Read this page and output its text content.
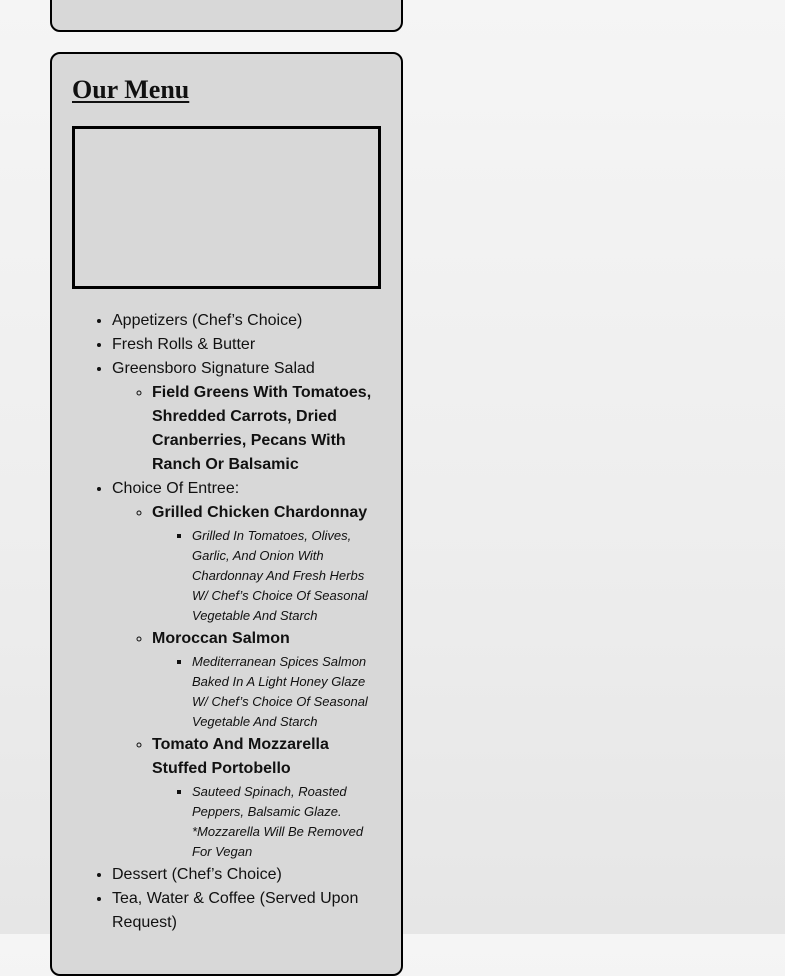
Our Menu
• Appetizers (Chef’s Choice)
• Fresh Rolls & Butter
• Greensboro Signature Salad
◦ Field Greens With Tomatoes, Shredded Carrots, Dried Cranberries, Pecans With Ranch Or Balsamic
• Choice Of Entree:
◦ Grilled Chicken Chardonnay
▪ Grilled In Tomatoes, Olives, Garlic, And Onion With Chardonnay And Fresh Herbs W/ Chef’s Choice Of Seasonal Vegetable And Starch
◦ Moroccan Salmon
▪ Mediterranean Spices Salmon Baked In A Light Honey Glaze W/ Chef’s Choice Of Seasonal Vegetable And Starch
◦ Tomato And Mozzarella Stuffed Portobello
▪ Sauteed Spinach, Roasted Peppers, Balsamic Glaze. *Mozzarella Will Be Removed For Vegan
• Dessert (Chef’s Choice)
• Tea, Water & Coffee (Served Upon Request)
